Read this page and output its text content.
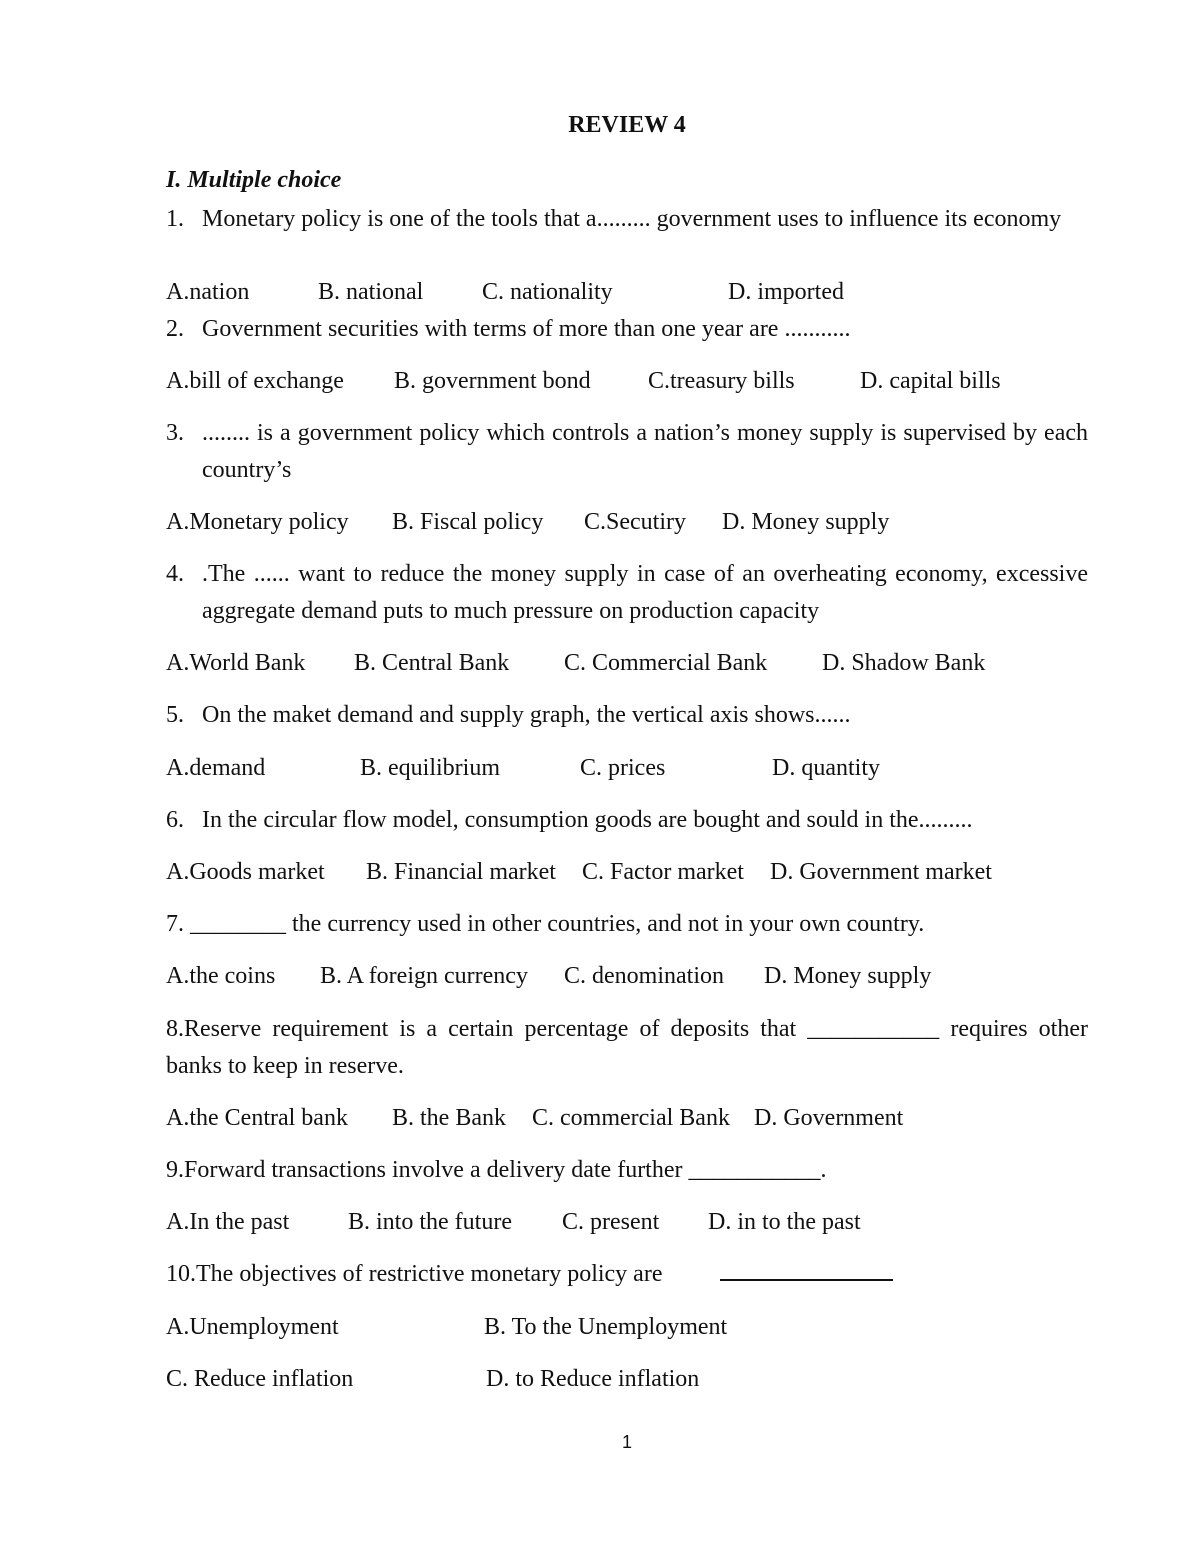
REVIEW 4
I. Multiple choice
1. Monetary policy is one of the tools that a......... government uses to influence its economy
A.nation	B. national C. nationality	D. imported
2. Government securities with terms of more than one year are ...........
A.bill of exchange B. government bond C.treasury bills	D. capital bills
3. ........ is a government policy which controls a nation’s money supply is supervised by each country’s
A.Monetary policy B. Fiscal policy C.Secutiry D. Money supply
4. .The ...... want to reduce the money supply in case of an overheating economy, excessive aggregate demand puts to much pressure on production capacity
A.World Bank B. Central Bank C. Commercial Bank D. Shadow Bank
5. On the maket demand and supply graph, the vertical axis shows......
A.demand	B. equilibrium	C. prices	D. quantity
6. In the circular flow model, consumption goods are bought and sould in the.........
A.Goods market B. Financial market C. Factor market D. Government market
7. ________ the currency used in other countries, and not in your own country.
A.the coins B. A foreign currency C. denomination D. Money supply
8.Reserve requirement is a certain percentage of deposits that ___________ requires other banks to keep in reserve.
A.the Central bank B. the Bank C. commercial Bank D. Government
9.Forward transactions involve a delivery date further ___________.
A.In the past B. into the future C. present D. in to the past
10.The objectives of restrictive monetary policy are
A.Unemployment	B. To the Unemployment
C. Reduce inflation	D. to Reduce inflation
1
